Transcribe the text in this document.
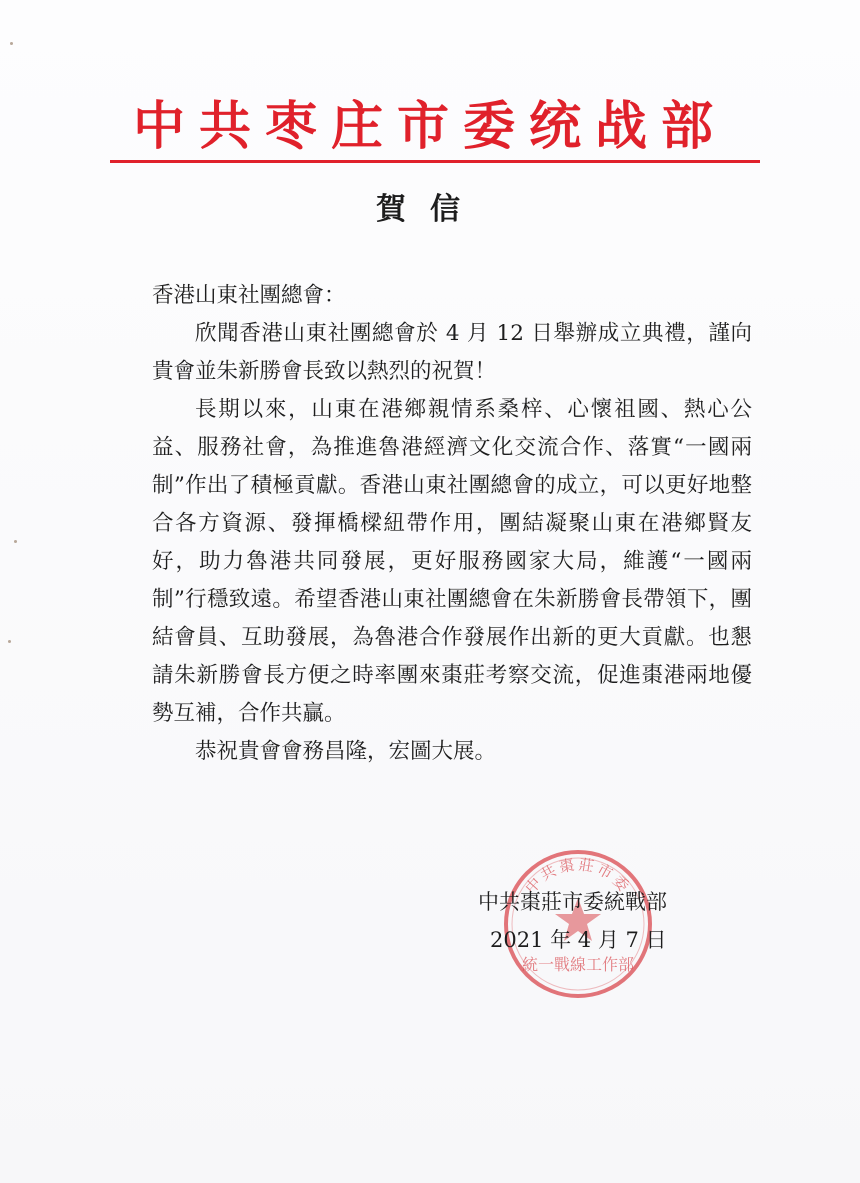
中共枣庄市委统战部
賀信

香港山東社團總會：

欣聞香港山東社團總會於 4 月 12 日舉辦成立典禮，謹向貴會並朱新勝會長致以熱烈的祝賀！

長期以來，山東在港鄉親情系桑梓、心懷祖國、熱心公益、服務社會，為推進魯港經濟文化交流合作、落實“一國兩制”作出了積極貢獻。香港山東社團總會的成立，可以更好地整合各方資源、發揮橋樑紐帶作用，團結凝聚山東在港鄉賢友好，助力魯港共同發展，更好服務國家大局，維護“一國兩制”行穩致遠。希望香港山東社團總會在朱新勝會長帶領下，團結會員、互助發展，為魯港合作發展作出新的更大貢獻。也懇請朱新勝會長方便之時率團來棗莊考察交流，促進棗港兩地優勢互補，合作共贏。

恭祝貴會會務昌隆，宏圖大展。

中共棗莊市委
統一戰線工作部
中共棗莊市委統戰部
2021 年 4 月 7 日
